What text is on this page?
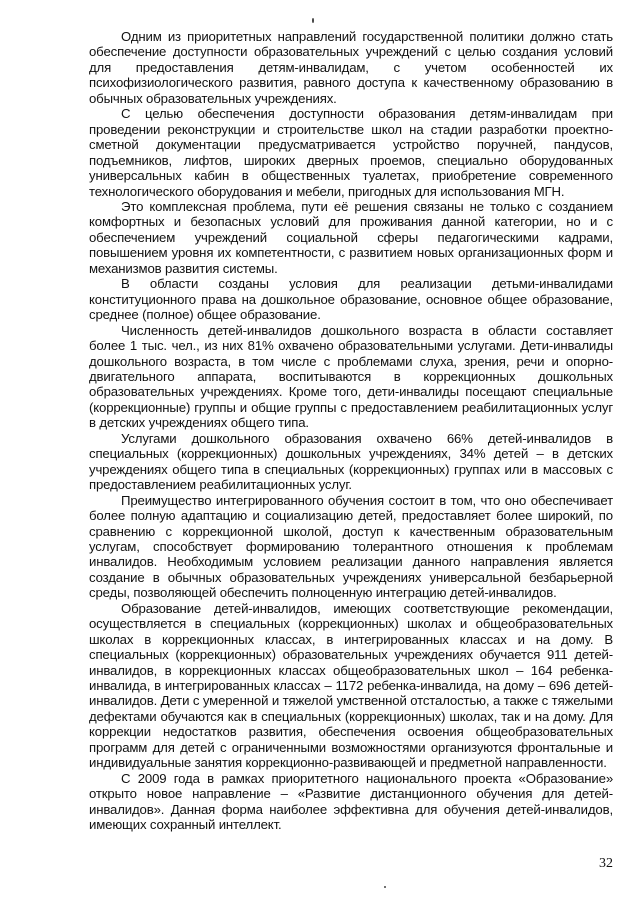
Одним из приоритетных направлений государственной политики должно стать обеспечение доступности образовательных учреждений с целью создания условий для предоставления детям-инвалидам, с учетом особенностей их психофизиологического развития, равного доступа к качественному образованию в обычных образовательных учреждениях.

С целью обеспечения доступности образования детям-инвалидам при проведении реконструкции и строительстве школ на стадии разработки проектно-сметной документации предусматривается устройство поручней, пандусов, подъемников, лифтов, широких дверных проемов, специально оборудованных универсальных кабин в общественных туалетах, приобретение современного технологического оборудования и мебели, пригодных для использования МГН.

Это комплексная проблема, пути её решения связаны не только с созданием комфортных и безопасных условий для проживания данной категории, но и с обеспечением учреждений социальной сферы педагогическими кадрами, повышением уровня их компетентности, с развитием новых организационных форм и механизмов развития системы.

В области созданы условия для реализации детьми-инвалидами конституционного права на дошкольное образование, основное общее образование, среднее (полное) общее образование.

Численность детей-инвалидов дошкольного возраста в области составляет более 1 тыс. чел., из них 81% охвачено образовательными услугами. Дети-инвалиды дошкольного возраста, в том числе с проблемами слуха, зрения, речи и опорно-двигательного аппарата, воспитываются в коррекционных дошкольных образовательных учреждениях. Кроме того, дети-инвалиды посещают специальные (коррекционные) группы и общие группы с предоставлением реабилитационных услуг в детских учреждениях общего типа.

Услугами дошкольного образования охвачено 66% детей-инвалидов в специальных (коррекционных) дошкольных учреждениях, 34% детей – в детских учреждениях общего типа в специальных (коррекционных) группах или в массовых с предоставлением реабилитационных услуг.

Преимущество интегрированного обучения состоит в том, что оно обеспечивает более полную адаптацию и социализацию детей, предоставляет более широкий, по сравнению с коррекционной школой, доступ к качественным образовательным услугам, способствует формированию толерантного отношения к проблемам инвалидов. Необходимым условием реализации данного направления является создание в обычных образовательных учреждениях универсальной безбарьерной среды, позволяющей обеспечить полноценную интеграцию детей-инвалидов.

Образование детей-инвалидов, имеющих соответствующие рекомендации, осуществляется в специальных (коррекционных) школах и общеобразовательных школах в коррекционных классах, в интегрированных классах и на дому. В специальных (коррекционных) образовательных учреждениях обучается 911 детей-инвалидов, в коррекционных классах общеобразовательных школ – 164 ребенка-инвалида, в интегрированных классах – 1172 ребенка-инвалида, на дому – 696 детей-инвалидов. Дети с умеренной и тяжелой умственной отсталостью, а также с тяжелыми дефектами обучаются как в специальных (коррекционных) школах, так и на дому. Для коррекции недостатков развития, обеспечения освоения общеобразовательных программ для детей с ограниченными возможностями организуются фронтальные и индивидуальные занятия коррекционно-развивающей и предметной направленности.

С 2009 года в рамках приоритетного национального проекта «Образование» открыто новое направление – «Развитие дистанционного обучения для детей-инвалидов». Данная форма наиболее эффективна для обучения детей-инвалидов, имеющих сохранный интеллект.

32
